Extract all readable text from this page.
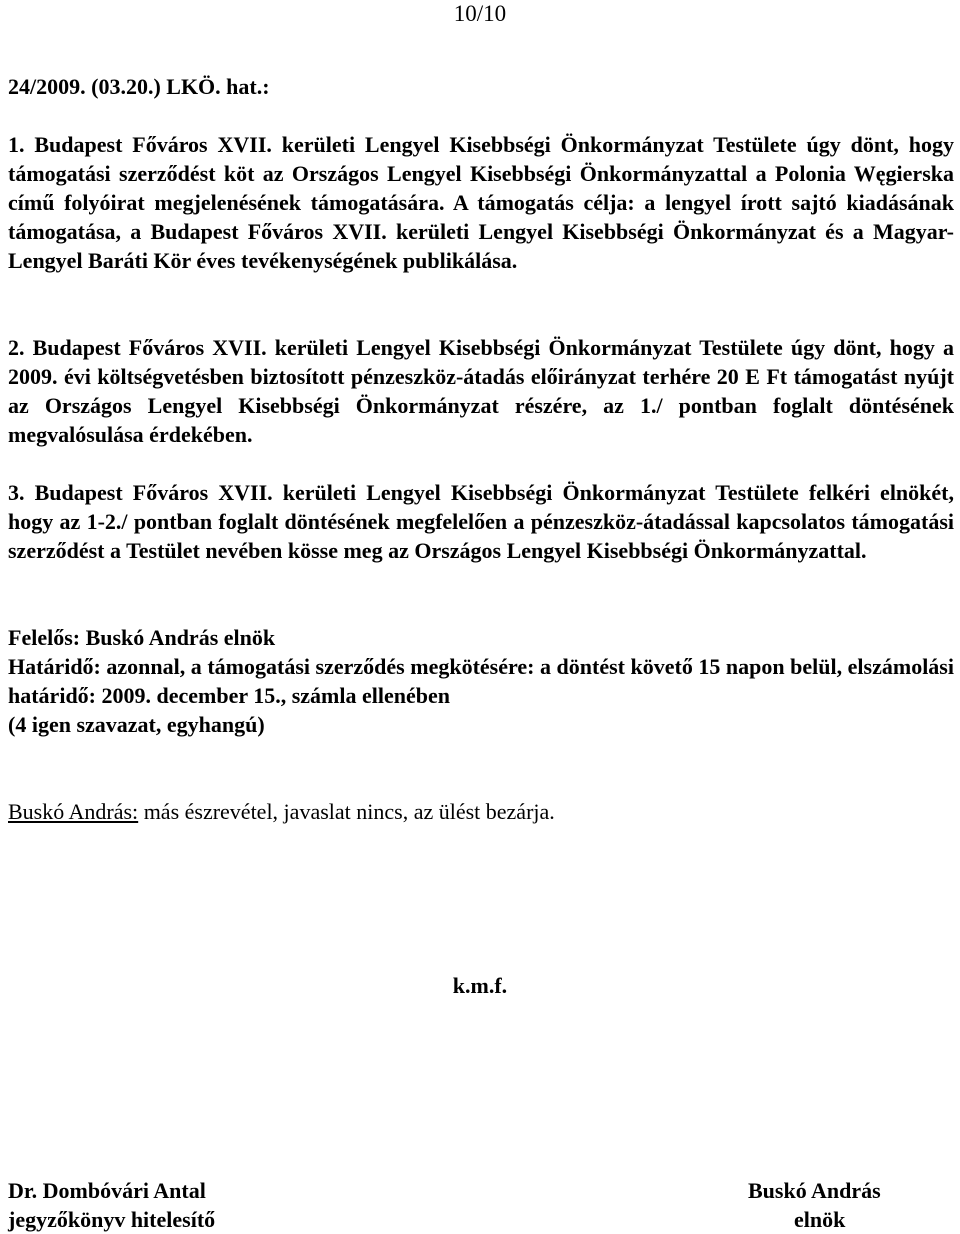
10/10
24/2009. (03.20.) LKÖ. hat.:
1. Budapest Főváros XVII. kerületi Lengyel Kisebbségi Önkormányzat Testülete úgy dönt, hogy támogatási szerződést köt az Országos Lengyel Kisebbségi Önkormányzattal a Polonia Węgierska című folyóirat megjelenésének támogatására. A támogatás célja: a lengyel írott sajtó kiadásának támogatása, a Budapest Főváros XVII. kerületi Lengyel Kisebbségi Önkormányzat és a Magyar-Lengyel Baráti Kör éves tevékenységének publikálása.
2. Budapest Főváros XVII. kerületi Lengyel Kisebbségi Önkormányzat Testülete úgy dönt, hogy a 2009. évi költségvetésben biztosított pénzeszköz-átadás előirányzat terhére 20 E Ft támogatást nyújt az Országos Lengyel Kisebbségi Önkormányzat részére, az 1./ pontban foglalt döntésének megvalósulása érdekében.
3. Budapest Főváros XVII. kerületi Lengyel Kisebbségi Önkormányzat Testülete felkéri elnökét, hogy az 1-2./ pontban foglalt döntésének megfelelően a pénzeszköz-átadással kapcsolatos támogatási szerződést a Testület nevében kösse meg az Országos Lengyel Kisebbségi Önkormányzattal.
Felelős: Buskó András elnök
Határidő: azonnal, a támogatási szerződés megkötésére: a döntést követő 15 napon belül, elszámolási határidő: 2009. december 15., számla ellenében
(4 igen szavazat, egyhangú)
Buskó András: más észrevétel, javaslat nincs, az ülést bezárja.
k.m.f.
Dr. Dombóvári Antal
jegyzőkönyv hitelesítő
Buskó András
elnök
